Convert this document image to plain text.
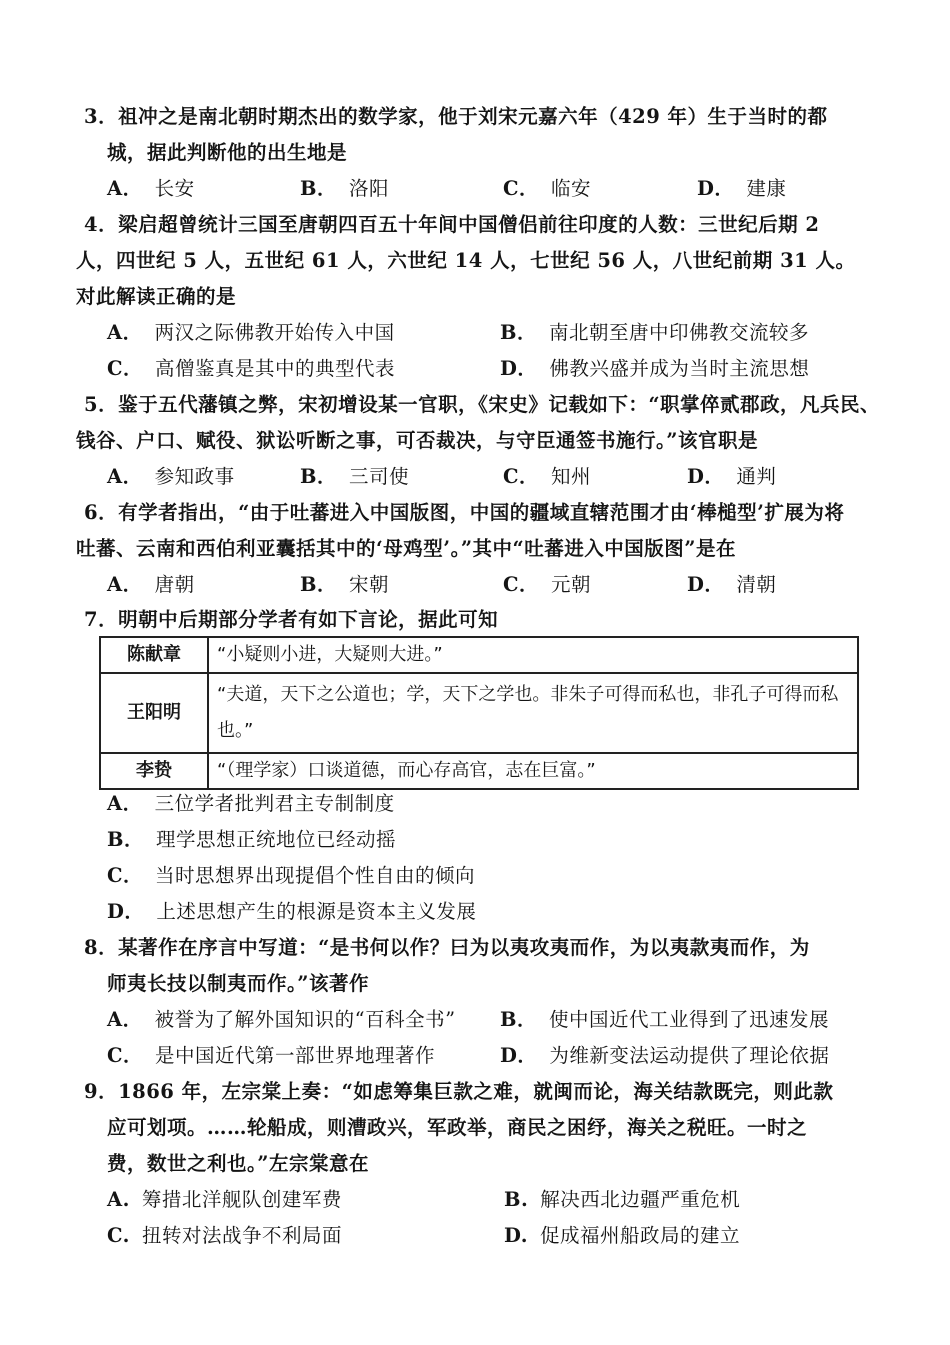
3．祖冲之是南北朝时期杰出的数学家，他于刘宋元嘉六年（429 年）生于当时的都
城，据此判断他的出生地是
A． 长安	B． 洛阳	C． 临安	D． 建康
4．梁启超曾统计三国至唐朝四百五十年间中国僧侣前往印度的人数：三世纪后期 2
人，四世纪 5 人，五世纪 61 人，六世纪 14 人，七世纪 56 人，八世纪前期 31 人。
对此解读正确的是
A． 两汉之际佛教开始传入中国	B． 南北朝至唐中印佛教交流较多
C． 高僧鉴真是其中的典型代表	D． 佛教兴盛并成为当时主流思想
5．鉴于五代藩镇之弊，宋初增设某一官职，《宋史》记载如下：“职掌倅贰郡政，凡兵民、
钱谷、户口、赋役、狱讼听断之事，可否裁决，与守臣通签书施行。”该官职是
A． 参知政事	B． 三司使	C． 知州	D． 通判
6．有学者指出，“由于吐蕃进入中国版图，中国的疆域直辖范围才由‘棒槌型’扩展为将
吐蕃、云南和西伯利亚囊括其中的‘母鸡型’。”其中“吐蕃进入中国版图”是在
A． 唐朝	B． 宋朝	C． 元朝	D． 清朝
7．明朝中后期部分学者有如下言论，据此可知
陈献章	“小疑则小进，大疑则大进。”
王阳明	“夫道，天下之公道也；学，天下之学也。非朱子可得而私也，非孔子可得而私也。”
李贽	“（理学家）口谈道德，而心存高官，志在巨富。”
A． 三位学者批判君主专制制度
B． 理学思想正统地位已经动摇
C． 当时思想界出现提倡个性自由的倾向
D． 上述思想产生的根源是资本主义发展
8．某著作在序言中写道：“是书何以作？曰为以夷攻夷而作，为以夷款夷而作，为
师夷长技以制夷而作。”该著作
A． 被誉为了解外国知识的“百科全书” B． 使中国近代工业得到了迅速发展
C． 是中国近代第一部世界地理著作	D． 为维新变法运动提供了理论依据
9．1866 年，左宗棠上奏：“如虑筹集巨款之难，就闽而论，海关结款既完，则此款
应可划项。……轮船成，则漕政兴，军政举，商民之困纾，海关之税旺。一时之
费，数世之利也。”左宗棠意在
A. 筹措北洋舰队创建军费	B. 解决西北边疆严重危机
C. 扭转对法战争不利局面	D. 促成福州船政局的建立
